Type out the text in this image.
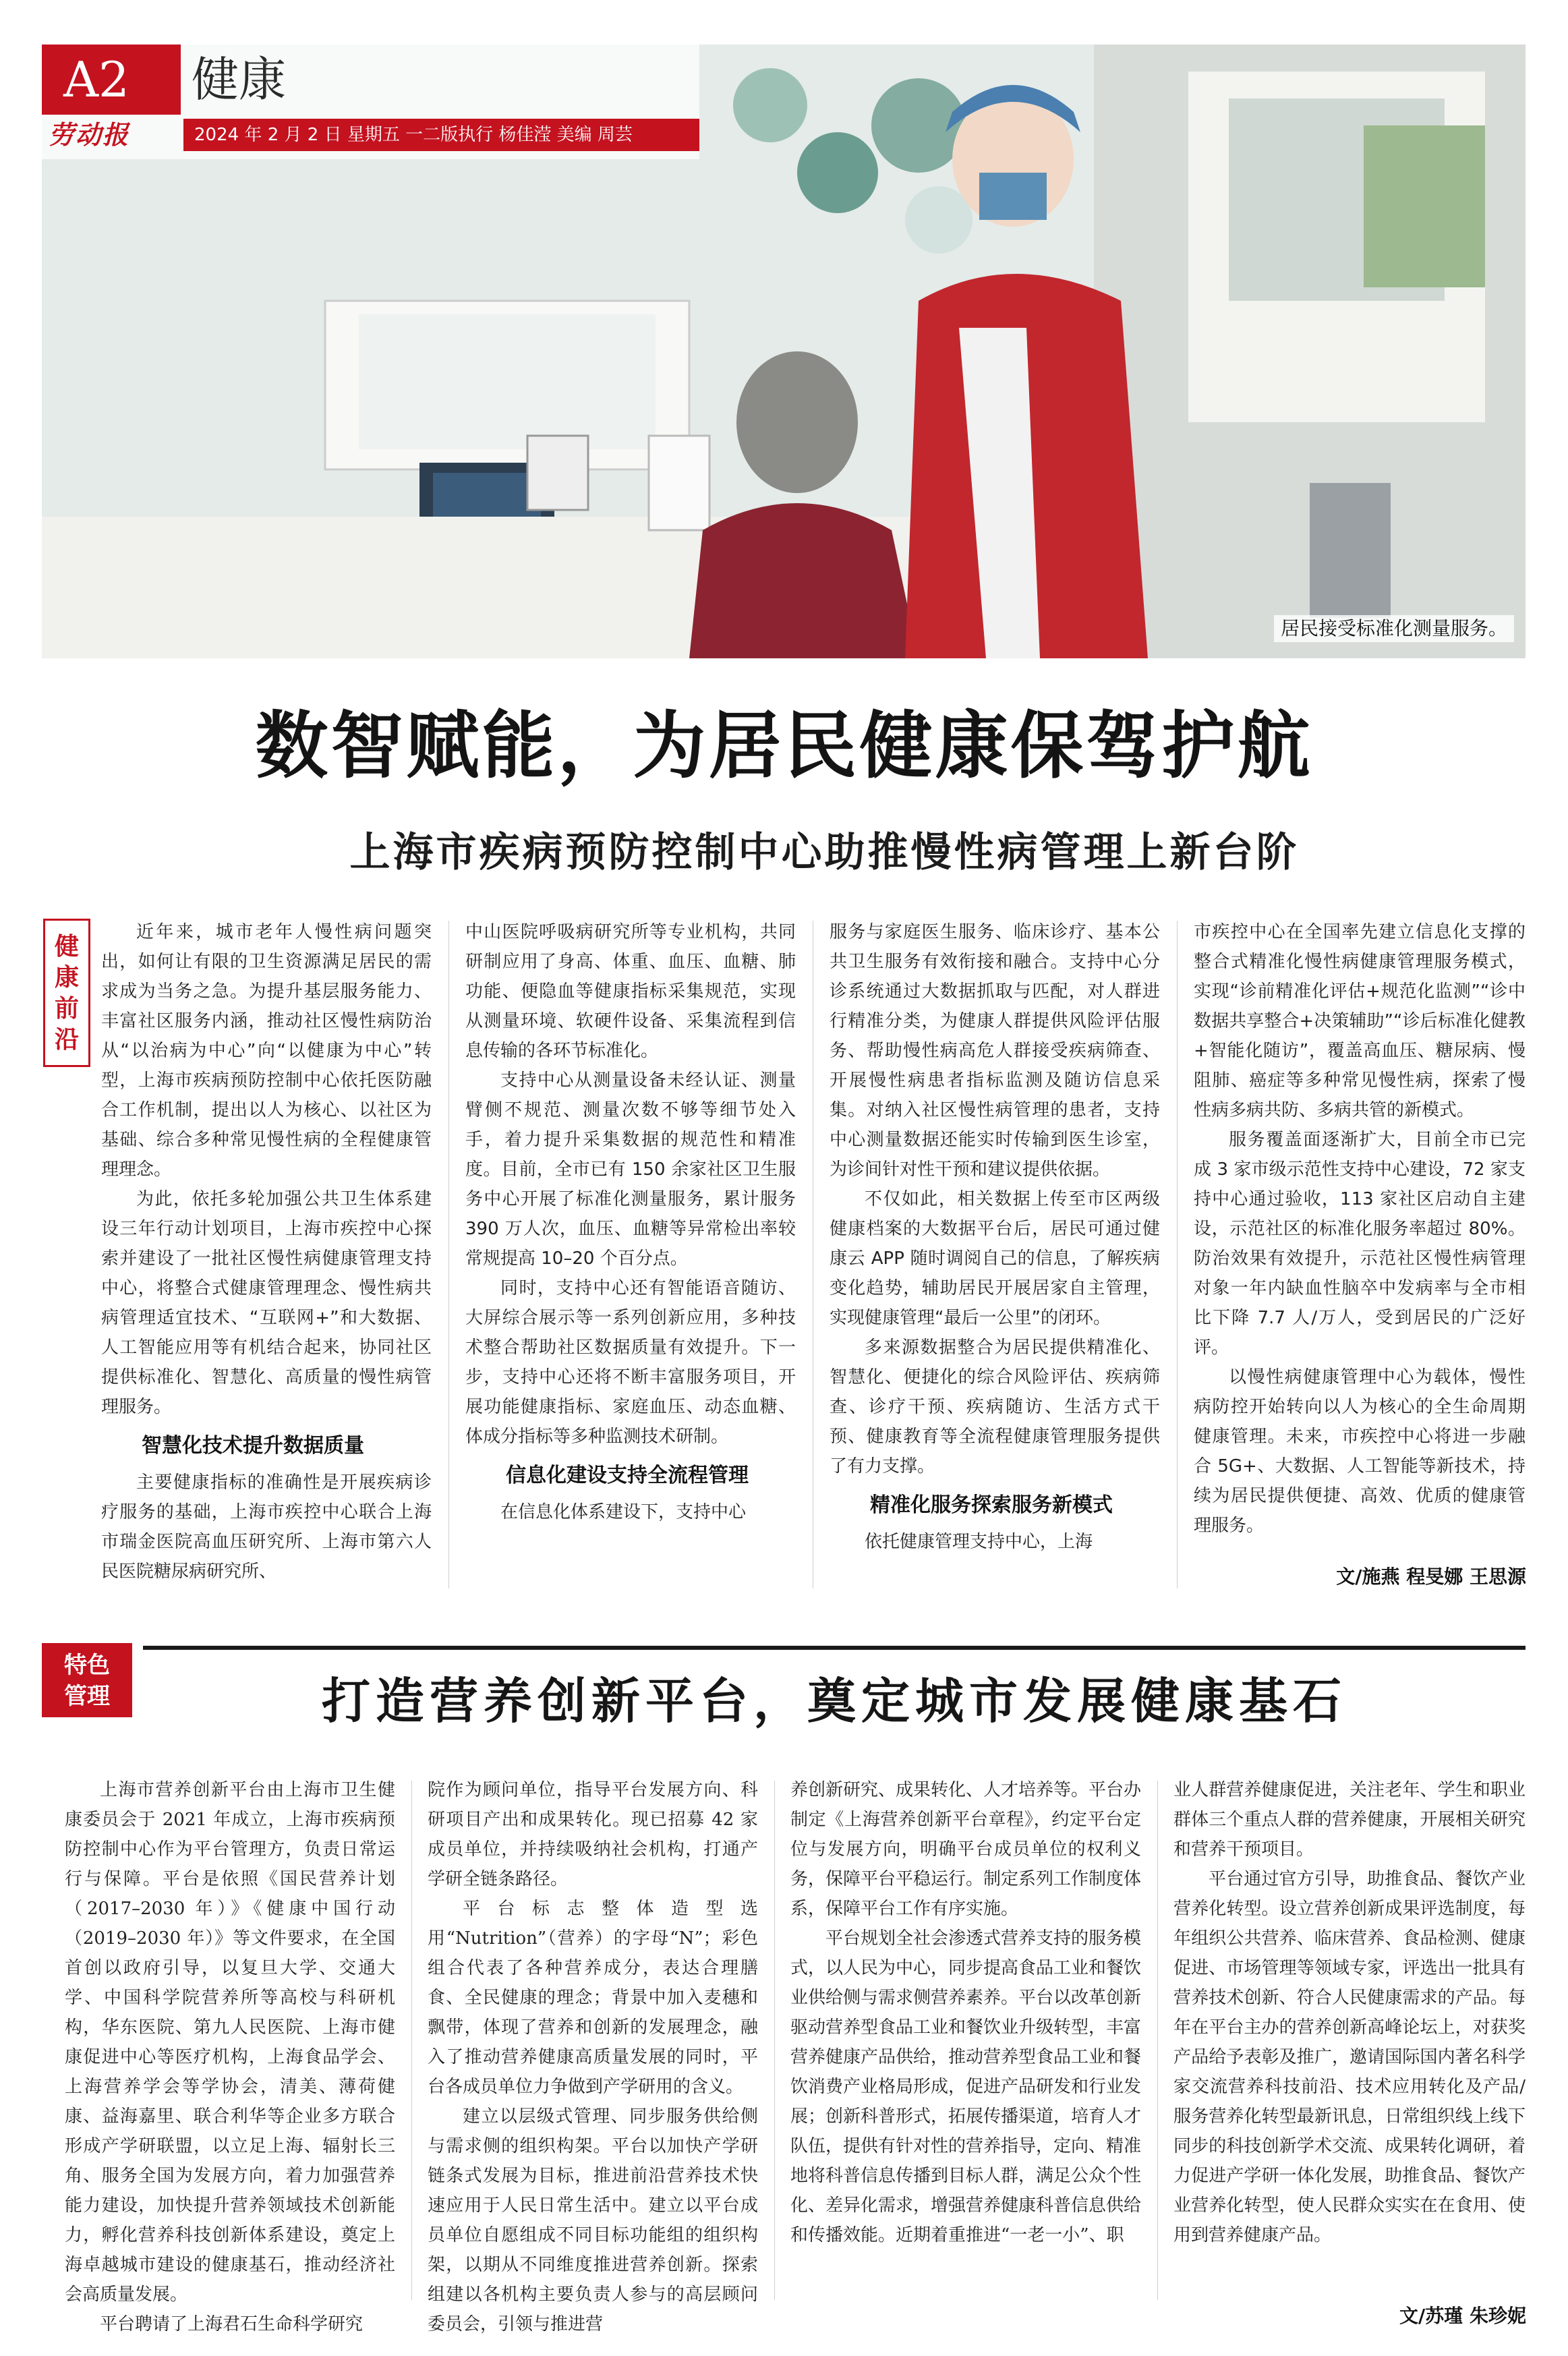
A2	健康
劳动报	2024 年 2 月 2 日 星期五 一二版执行 杨佳滢 美编 周芸
居民接受标准化测量服务。
数智赋能，为居民健康保驾护航
上海市疾病预防控制中心助推慢性病管理上新台阶
健康
前沿

近年来，城市老年人慢性病问题突出，如何让有限的卫生资源满足居民的需求成为当务之急。为提升基层服务能力、丰富社区服务内涵，推动社区慢性病防治从“以治病为中心”向“以健康为中心”转型，上海市疾病预防控制中心依托医防融合工作机制，提出以人为核心、以社区为基础、综合多种常见慢性病的全程健康管理理念。

为此，依托多轮加强公共卫生体系建设三年行动计划项目，上海市疾控中心探索并建设了一批社区慢性病健康管理支持中心，将整合式健康管理理念、慢性病共病管理适宜技术、“互联网+”和大数据、人工智能应用等有机结合起来，协同社区提供标准化、智慧化、高质量的慢性病管理服务。

智慧化技术提升数据质量

主要健康指标的准确性是开展疾病诊疗服务的基础，上海市疾控中心联合上海市瑞金医院高血压研究所、上海市第六人民医院糖尿病研究所、

中山医院呼吸病研究所等专业机构，共同研制应用了身高、体重、血压、血糖、肺功能、便隐血等健康指标采集规范，实现从测量环境、软硬件设备、采集流程到信息传输的各环节标准化。

支持中心从测量设备未经认证、测量臂侧不规范、测量次数不够等细节处入手，着力提升采集数据的规范性和精准度。目前，全市已有 150 余家社区卫生服务中心开展了标准化测量服务，累计服务 390 万人次，血压、血糖等异常检出率较常规提高 10–20 个百分点。

同时，支持中心还有智能语音随访、大屏综合展示等一系列创新应用，多种技术整合帮助社区数据质量有效提升。下一步，支持中心还将不断丰富服务项目，开展功能健康指标、家庭血压、动态血糖、体成分指标等多种监测技术研制。

信息化建设支持全流程管理

在信息化体系建设下，支持中心

服务与家庭医生服务、临床诊疗、基本公共卫生服务有效衔接和融合。支持中心分诊系统通过大数据抓取与匹配，对人群进行精准分类，为健康人群提供风险评估服务、帮助慢性病高危人群接受疾病筛查、开展慢性病患者指标监测及随访信息采集。对纳入社区慢性病管理的患者，支持中心测量数据还能实时传输到医生诊室，为诊间针对性干预和建议提供依据。

不仅如此，相关数据上传至市区两级健康档案的大数据平台后，居民可通过健康云 APP 随时调阅自己的信息，了解疾病变化趋势，辅助居民开展居家自主管理，实现健康管理“最后一公里”的闭环。

多来源数据整合为居民提供精准化、智慧化、便捷化的综合风险评估、疾病筛查、诊疗干预、疾病随访、生活方式干预、健康教育等全流程健康管理服务提供了有力支撑。

精准化服务探索服务新模式

依托健康管理支持中心，上海

市疾控中心在全国率先建立信息化支撑的整合式精准化慢性病健康管理服务模式，实现“诊前精准化评估+规范化监测”“诊中数据共享整合+决策辅助”“诊后标准化健教+智能化随访”，覆盖高血压、糖尿病、慢阻肺、癌症等多种常见慢性病，探索了慢性病多病共防、多病共管的新模式。

服务覆盖面逐渐扩大，目前全市已完成 3 家市级示范性支持中心建设，72 家支持中心通过验收，113 家社区启动自主建设，示范社区的标准化服务率超过 80%。防治效果有效提升，示范社区慢性病管理对象一年内缺血性脑卒中发病率与全市相比下降 7.7 人/万人，受到居民的广泛好评。

以慢性病健康管理中心为载体，慢性病防控开始转向以人为核心的全生命周期健康管理。未来，市疾控中心将进一步融合 5G+、大数据、人工智能等新技术，持续为居民提供便捷、高效、优质的健康管理服务。

文/施燕 程旻娜 王思源
特色
管理	打造营养创新平台，奠定城市发展健康基石

上海市营养创新平台由上海市卫生健康委员会于 2021 年成立，上海市疾病预防控制中心作为平台管理方，负责日常运行与保障。平台是依照《国民营养计划（2017–2030 年）》《健康中国行动（2019–2030 年）》等文件要求，在全国首创以政府引导，以复旦大学、交通大学、中国科学院营养所等高校与科研机构，华东医院、第九人民医院、上海市健康促进中心等医疗机构，上海食品学会、上海营养学会等学协会，清美、薄荷健康、益海嘉里、联合利华等企业多方联合形成产学研联盟，以立足上海、辐射长三角、服务全国为发展方向，着力加强营养能力建设，加快提升营养领域技术创新能力，孵化营养科技创新体系建设，奠定上海卓越城市建设的健康基石，推动经济社会高质量发展。

平台聘请了上海君石生命科学研究

院作为顾问单位，指导平台发展方向、科研项目产出和成果转化。现已招募 42 家成员单位，并持续吸纳社会机构，打通产学研全链条路径。

平台标志整体造型选用“Nutrition”（营养）的字母“N”；彩色组合代表了各种营养成分，表达合理膳食、全民健康的理念；背景中加入麦穗和飘带，体现了营养和创新的发展理念，融入了推动营养健康高质量发展的同时，平台各成员单位力争做到产学研用的含义。

建立以层级式管理、同步服务供给侧与需求侧的组织构架。平台以加快产学研链条式发展为目标，推进前沿营养技术快速应用于人民日常生活中。建立以平台成员单位自愿组成不同目标功能组的组织构架，以期从不同维度推进营养创新。探索组建以各机构主要负责人参与的高层顾问委员会，引领与推进营

养创新研究、成果转化、人才培养等。平台办制定《上海营养创新平台章程》，约定平台定位与发展方向，明确平台成员单位的权利义务，保障平台平稳运行。制定系列工作制度体系，保障平台工作有序实施。

平台规划全社会渗透式营养支持的服务模式，以人民为中心，同步提高食品工业和餐饮业供给侧与需求侧营养素养。平台以改革创新驱动营养型食品工业和餐饮业升级转型，丰富营养健康产品供给，推动营养型食品工业和餐饮消费产业格局形成，促进产品研发和行业发展；创新科普形式，拓展传播渠道，培育人才队伍，提供有针对性的营养指导，定向、精准地将科普信息传播到目标人群，满足公众个性化、差异化需求，增强营养健康科普信息供给和传播效能。近期着重推进“一老一小”、职

业人群营养健康促进，关注老年、学生和职业群体三个重点人群的营养健康，开展相关研究和营养干预项目。

平台通过官方引导，助推食品、餐饮产业营养化转型。设立营养创新成果评选制度，每年组织公共营养、临床营养、食品检测、健康促进、市场管理等领域专家，评选出一批具有营养技术创新、符合人民健康需求的产品。每年在平台主办的营养创新高峰论坛上，对获奖产品给予表彰及推广，邀请国际国内著名科学家交流营养科技前沿、技术应用转化及产品/服务营养化转型最新讯息，日常组织线上线下同步的科技创新学术交流、成果转化调研，着力促进产学研一体化发展，助推食品、餐饮产业营养化转型，使人民群众实实在在食用、使用到营养健康产品。

文/苏瑾 朱珍妮
